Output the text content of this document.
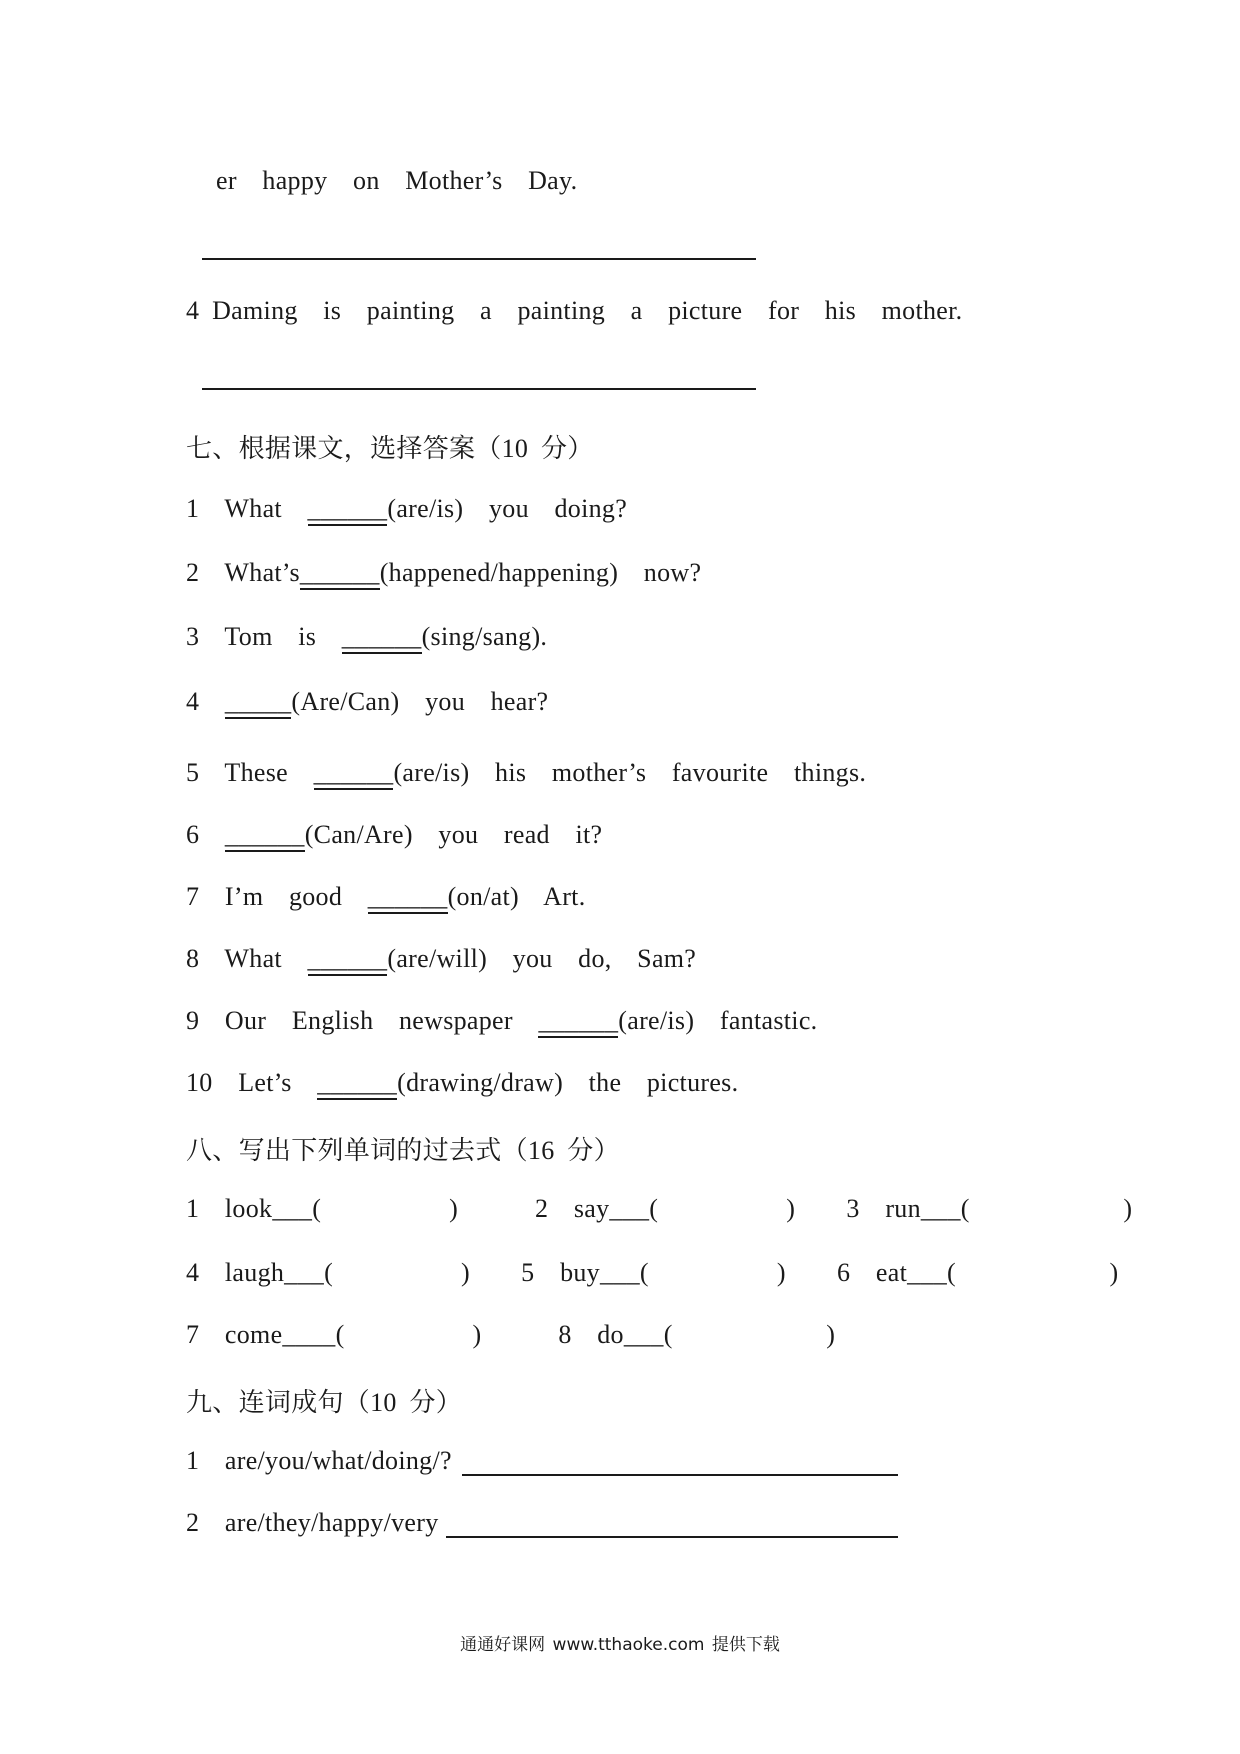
er  happy  on  Mother’s  Day.
4 Daming  is  painting  a  painting  a  picture  for  his  mother.
七、根据课文，选择答案（10 分）
1  What  ______(are/is)  you  doing?
2  What’s______(happened/happening)  now?
3  Tom  is  ______(sing/sang).
4  _____(Are/Can)  you  hear?
5  These  ______(are/is)  his  mother’s  favourite  things.
6  ______(Can/Are)  you  read  it?
7  I’m  good  ______(on/at)  Art.
8  What  ______(are/will)  you  do,  Sam?
9  Our  English  newspaper  ______(are/is)  fantastic.
10  Let’s  ______(drawing/draw)  the  pictures.
八、写出下列单词的过去式（16 分）
1  look___(          )      2  say___(          )    3  run___(            )
4  laugh___(          )    5  buy___(          )    6  eat___(            )
7  come____(          )      8  do___(            )
九、连词成句（10 分）
1  are/you/what/doing/?
2  are/they/happy/very
通通好课网 www.tthaoke.com 提供下载
